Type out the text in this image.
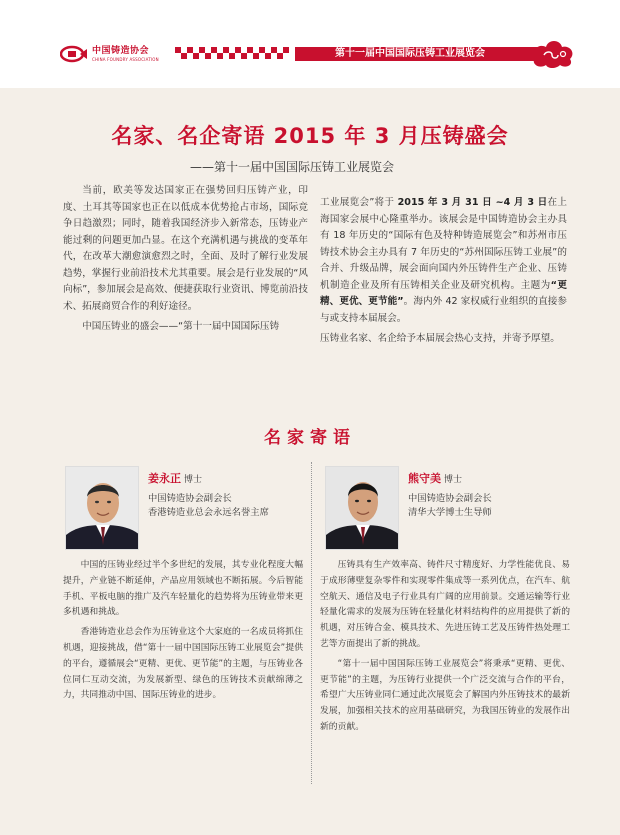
中国铸造协会
CHINA FOUNDRY ASSOCIATION	第十一届中国国际压铸工业展览会
名家、名企寄语 2015 年 3 月压铸盛会
——第十一届中国国际压铸工业展览会

当前，欧美等发达国家正在强势回归压铸产业，印度、土耳其等国家也正在以低成本优势抢占市场，国际竞争日趋激烈；同时，随着我国经济步入新常态，压铸业产能过剩的问题更加凸显。在这个充满机遇与挑战的变革年代，在改革大潮愈演愈烈之时，全面、及时了解行业发展趋势，掌握行业前沿技术尤其重要。展会是行业发展的“风向标”，参加展会是高效、便捷获取行业资讯、博览前沿技术、拓展商贸合作的利好途径。

中国压铸业的盛会——“第十一届中国国际压铸

工业展览会”将于 2015 年 3 月 31 日 ~4 月 3 日在上海国家会展中心隆重举办。该展会是中国铸造协会主办具有 18 年历史的“国际有色及特种铸造展览会”和苏州市压铸技术协会主办具有 7 年历史的“苏州国际压铸工业展”的合并、升级品牌，展会面向国内外压铸件生产企业、压铸机制造企业及所有压铸相关企业及研究机构。主题为“更精、更优、更节能”。海内外 42 家权威行业组织的直接参与或支持本届展会。

压铸业名家、名企给予本届展会热心支持，并寄予厚望。

名家寄语
姜永正 博士
中国铸造协会副会长
香港铸造业总会永远名誉主席

中国的压铸业经过半个多世纪的发展，其专业化程度大幅提升，产业链不断延伸，产品应用领域也不断拓展。今后智能手机、平板电脑的推广及汽车轻量化的趋势将为压铸业带来更多机遇和挑战。

香港铸造业总会作为压铸业这个大家庭的一名成员将抓住机遇，迎接挑战，借“第十一届中国国际压铸工业展览会”提供的平台，遵循展会“更精、更优、更节能”的主题，与压铸业各位同仁互动交流，为发展新型、绿色的压铸技术贡献绵薄之力，共同推动中国、国际压铸业的进步。

熊守美 博士
中国铸造协会副会长
清华大学博士生导师

压铸具有生产效率高、铸件尺寸精度好、力学性能优良、易于成形薄壁复杂零件和实现零件集成等一系列优点，在汽车、航空航天、通信及电子行业具有广阔的应用前景。交通运输等行业轻量化需求的发展为压铸在轻量化材料结构件的应用提供了新的机遇，对压铸合金、模具技术、先进压铸工艺及压铸件热处理工艺等方面提出了新的挑战。

“第十一届中国国际压铸工业展览会”将秉承“更精、更优、更节能”的主题，为压铸行业提供一个广泛交流与合作的平台，希望广大压铸业同仁通过此次展览会了解国内外压铸技术的最新发展，加强相关技术的应用基础研究，为我国压铸业的发展作出新的贡献。
